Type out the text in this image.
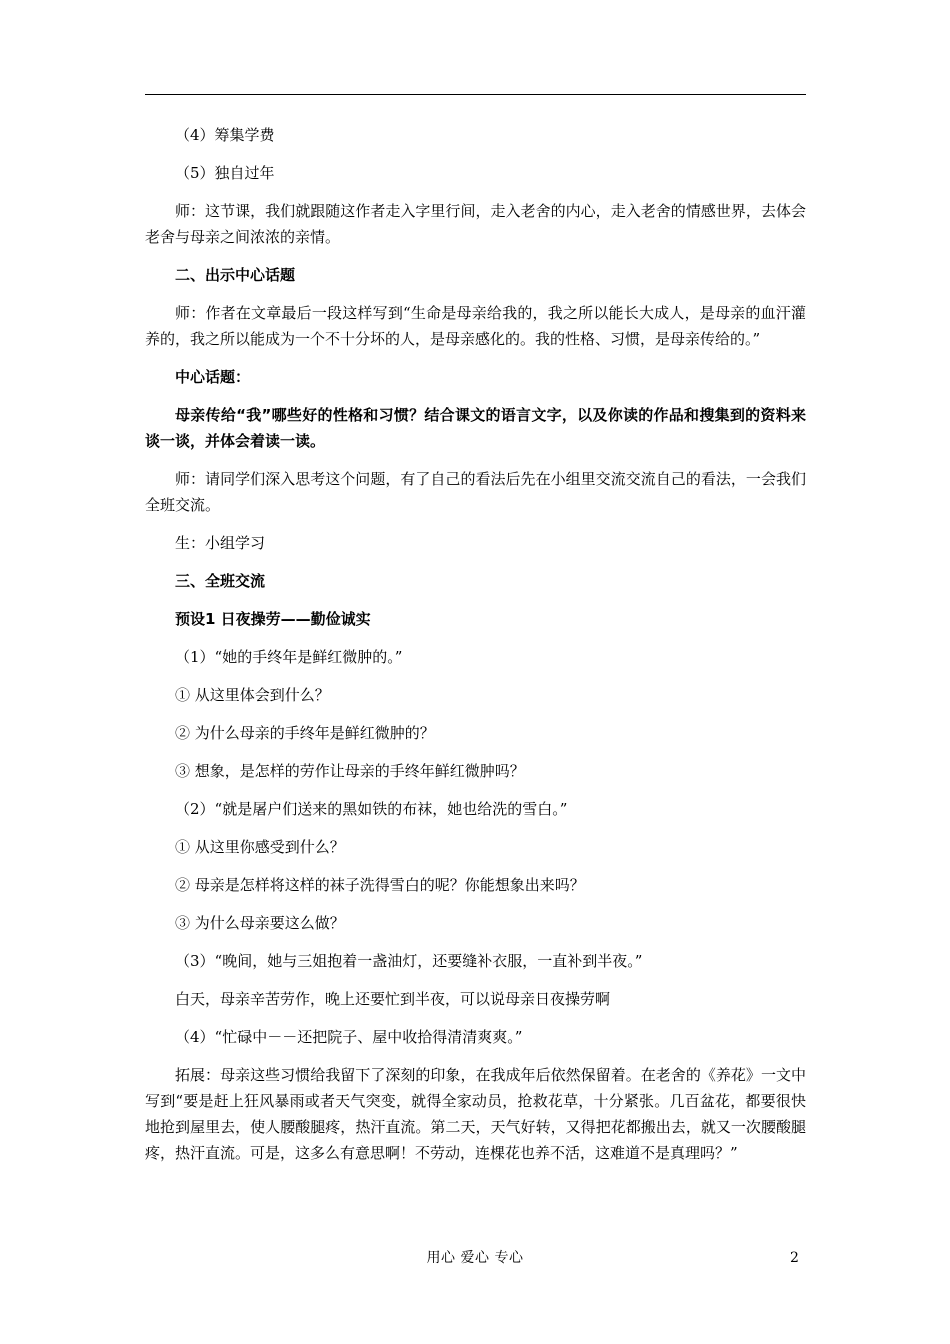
（4）筹集学费

（5）独自过年

师：这节课，我们就跟随这作者走入字里行间，走入老舍的内心，走入老舍的情感世界，去体会老舍与母亲之间浓浓的亲情。

二、出示中心话题

师：作者在文章最后一段这样写到“生命是母亲给我的，我之所以能长大成人，是母亲的血汗灌养的，我之所以能成为一个不十分坏的人，是母亲感化的。我的性格、习惯，是母亲传给的。”

中心话题：

母亲传给“我”哪些好的性格和习惯？结合课文的语言文字，以及你读的作品和搜集到的资料来谈一谈，并体会着读一读。

师：请同学们深入思考这个问题，有了自己的看法后先在小组里交流交流自己的看法，一会我们全班交流。

生：小组学习

三、全班交流

预设1 日夜操劳——勤俭诚实

（1）“她的手终年是鲜红微肿的。”

① 从这里体会到什么？

② 为什么母亲的手终年是鲜红微肿的？

③ 想象，是怎样的劳作让母亲的手终年鲜红微肿吗？

（2）“就是屠户们送来的黑如铁的布袜，她也给洗的雪白。”

① 从这里你感受到什么？

② 母亲是怎样将这样的袜子洗得雪白的呢？你能想象出来吗？

③ 为什么母亲要这么做？

（3）“晚间，她与三姐抱着一盏油灯，还要缝补衣服，一直补到半夜。”

白天，母亲辛苦劳作，晚上还要忙到半夜，可以说母亲日夜操劳啊

（4）“忙碌中－－还把院子、屋中收拾得清清爽爽。”

拓展：母亲这些习惯给我留下了深刻的印象，在我成年后依然保留着。在老舍的《养花》一文中写到“要是赶上狂风暴雨或者天气突变，就得全家动员，抢救花草，十分紧张。几百盆花，都要很快地抢到屋里去，使人腰酸腿疼，热汗直流。第二天，天气好转，又得把花都搬出去，就又一次腰酸腿疼，热汗直流。可是，这多么有意思啊！不劳动，连棵花也养不活，这难道不是真理吗？”

用心 爱心 专心	2
